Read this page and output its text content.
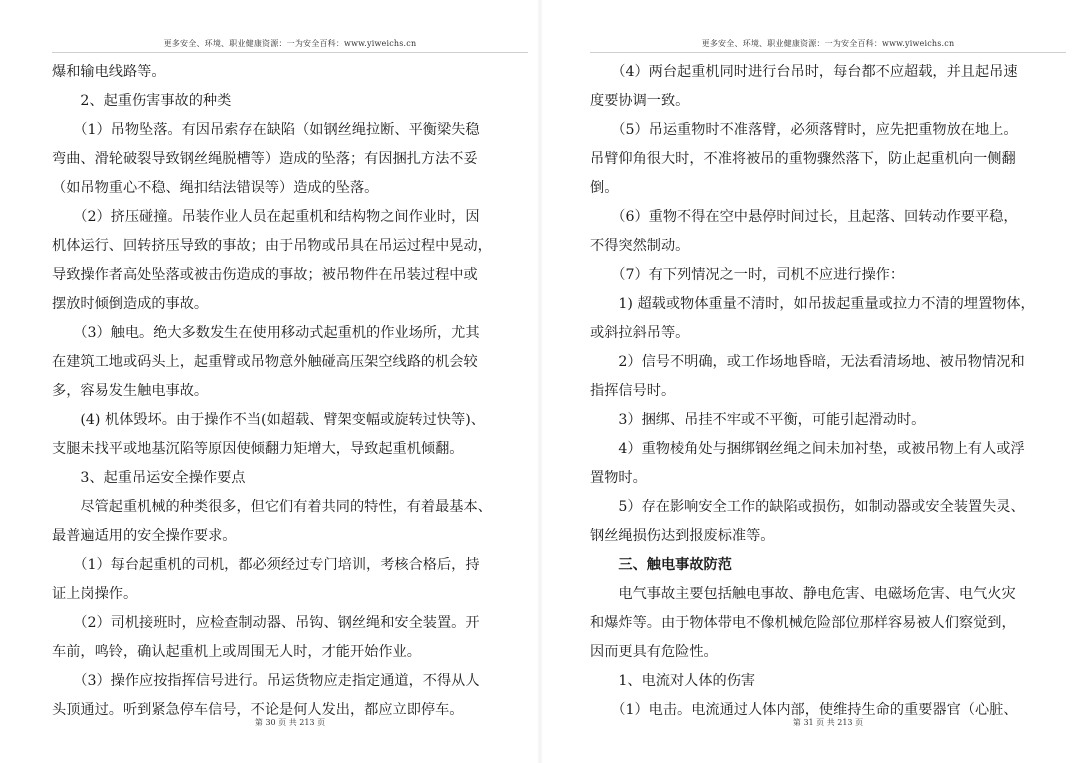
更多安全、环境、职业健康资源：一为安全百科：www.yiweichs.cn
爆和输电线路等。
　　2、起重伤害事故的种类
　　（1）吊物坠落。有因吊索存在缺陷（如钢丝绳拉断、平衡梁失稳
弯曲、滑轮破裂导致钢丝绳脱槽等）造成的坠落；有因捆扎方法不妥
（如吊物重心不稳、绳扣结法错误等）造成的坠落。
　　（2）挤压碰撞。吊装作业人员在起重机和结构物之间作业时，因
机体运行、回转挤压导致的事故；由于吊物或吊具在吊运过程中晃动，
导致操作者高处坠落或被击伤造成的事故；被吊物件在吊装过程中或
摆放时倾倒造成的事故。
　　（3）触电。绝大多数发生在使用移动式起重机的作业场所，尤其
在建筑工地或码头上，起重臂或吊物意外触碰高压架空线路的机会较
多，容易发生触电事故。
　　(4) 机体毁坏。由于操作不当(如超载、臂架变幅或旋转过快等)、
支腿未找平或地基沉陷等原因使倾翻力矩增大，导致起重机倾翻。
　　3、起重吊运安全操作要点
　　尽管起重机械的种类很多，但它们有着共同的特性，有着最基本、
最普遍适用的安全操作要求。
　　（1）每台起重机的司机，都必须经过专门培训，考核合格后，持
证上岗操作。
　　（2）司机接班时，应检查制动器、吊钩、钢丝绳和安全装置。开
车前，鸣铃，确认起重机上或周围无人时，才能开始作业。
　　（3）操作应按指挥信号进行。吊运货物应走指定通道，不得从人
头顶通过。听到紧急停车信号，不论是何人发出，都应立即停车。
第 30 页 共 213 页
更多安全、环境、职业健康资源：一为安全百科：www.yiweichs.cn
　　（4）两台起重机同时进行台吊时，每台都不应超载，并且起吊速
度要协调一致。
　　（5）吊运重物时不准落臂，必须落臂时，应先把重物放在地上。
吊臂仰角很大时，不准将被吊的重物骤然落下，防止起重机向一侧翻
倒。
　　（6）重物不得在空中悬停时间过长，且起落、回转动作要平稳，
不得突然制动。
　　（7）有下列情况之一时，司机不应进行操作：
　　1) 超载或物体重量不清时，如吊拔起重量或拉力不清的埋置物体，
或斜拉斜吊等。
　　2）信号不明确，或工作场地昏暗，无法看清场地、被吊物情况和
指挥信号时。
　　3）捆绑、吊挂不牢或不平衡，可能引起滑动时。
　　4）重物棱角处与捆绑钢丝绳之间未加衬垫，或被吊物上有人或浮
置物时。
　　5）存在影响安全工作的缺陷或损伤，如制动器或安全装置失灵、
钢丝绳损伤达到报废标准等。
　　三、触电事故防范
　　电气事故主要包括触电事故、静电危害、电磁场危害、电气火灾
和爆炸等。由于物体带电不像机械危险部位那样容易被人们察觉到，
因而更具有危险性。
　　1、电流对人体的伤害
　　（1）电击。电流通过人体内部，使维持生命的重要器官（心脏、
第 31 页 共 213 页
